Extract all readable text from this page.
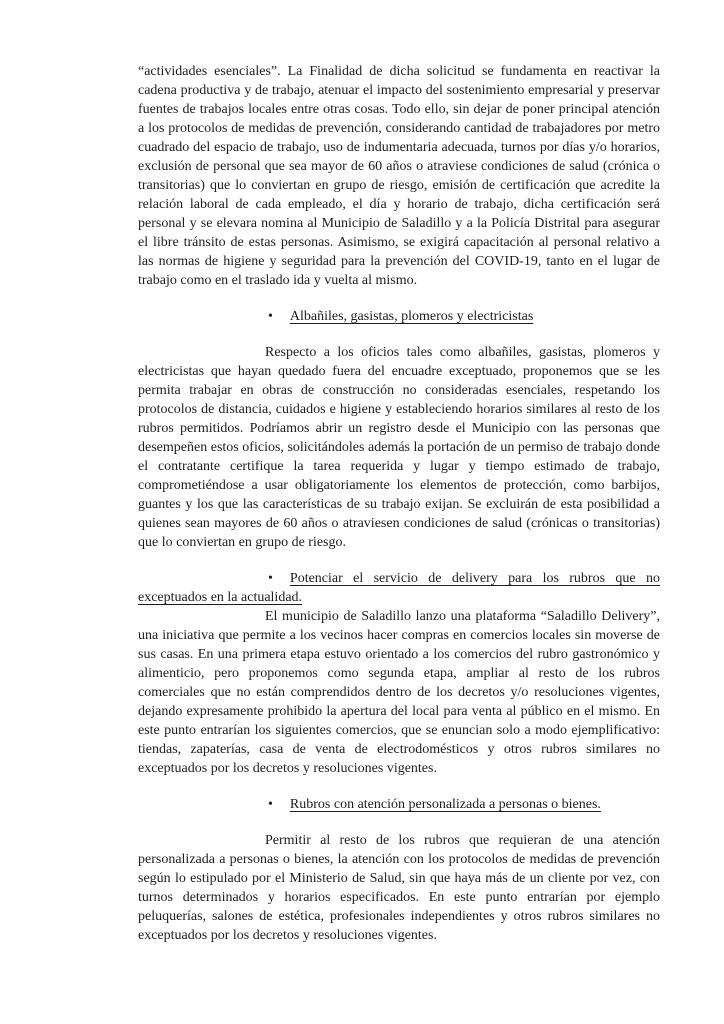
“actividades esenciales”. La Finalidad de dicha solicitud se fundamenta en reactivar la cadena productiva y de trabajo, atenuar el impacto del sostenimiento empresarial y preservar fuentes de trabajos locales entre otras cosas. Todo ello, sin dejar de poner principal atención a los protocolos de medidas de prevención, considerando cantidad de trabajadores por metro cuadrado del espacio de trabajo, uso de indumentaria adecuada, turnos por días y/o horarios, exclusión de personal que sea mayor de 60 años o atraviese condiciones de salud (crónica o transitorias) que lo conviertan en grupo de riesgo, emisión de certificación que acredite la relación laboral de cada empleado, el día y horario de trabajo, dicha certificación será personal y se elevara nomina al Municipio de Saladillo y a la Policía Distrital para asegurar el libre tránsito de estas personas. Asimismo, se exigirá capacitación al personal relativo a las normas de higiene y seguridad para la prevención del COVID-19, tanto en el lugar de trabajo como en el traslado ida y vuelta al mismo.

• Albañiles, gasistas, plomeros y electricistas

Respecto a los oficios tales como albañiles, gasistas, plomeros y electricistas que hayan quedado fuera del encuadre exceptuado, proponemos que se les permita trabajar en obras de construcción no consideradas esenciales, respetando los protocolos de distancia, cuidados e higiene y estableciendo horarios similares al resto de los rubros permitidos. Podríamos abrir un registro desde el Municipio con las personas que desempeñen estos oficios, solicitándoles además la portación de un permiso de trabajo donde el contratante certifique la tarea requerida y lugar y tiempo estimado de trabajo, comprometiéndose a usar obligatoriamente los elementos de protección, como barbijos, guantes y los que las características de su trabajo exijan. Se excluirán de esta posibilidad a quienes sean mayores de 60 años o atraviesen condiciones de salud (crónicas o transitorias) que lo conviertan en grupo de riesgo.

• Potenciar el servicio de delivery para los rubros que no exceptuados en la actualidad.

El municipio de Saladillo lanzo una plataforma “Saladillo Delivery”, una iniciativa que permite a los vecinos hacer compras en comercios locales sin moverse de sus casas. En una primera etapa estuvo orientado a los comercios del rubro gastronómico y alimenticio, pero proponemos como segunda etapa, ampliar al resto de los rubros comerciales que no están comprendidos dentro de los decretos y/o resoluciones vigentes, dejando expresamente prohibido la apertura del local para venta al público en el mismo. En este punto entrarían los siguientes comercios, que se enuncian solo a modo ejemplificativo: tiendas, zapaterías, casa de venta de electrodomésticos y otros rubros similares no exceptuados por los decretos y resoluciones vigentes.

• Rubros con atención personalizada a personas o bienes.

Permitir al resto de los rubros que requieran de una atención personalizada a personas o bienes, la atención con los protocolos de medidas de prevención según lo estipulado por el Ministerio de Salud, sin que haya más de un cliente por vez, con turnos determinados y horarios especificados. En este punto entrarían por ejemplo peluquerías, salones de estética, profesionales independientes y otros rubros similares no exceptuados por los decretos y resoluciones vigentes.
